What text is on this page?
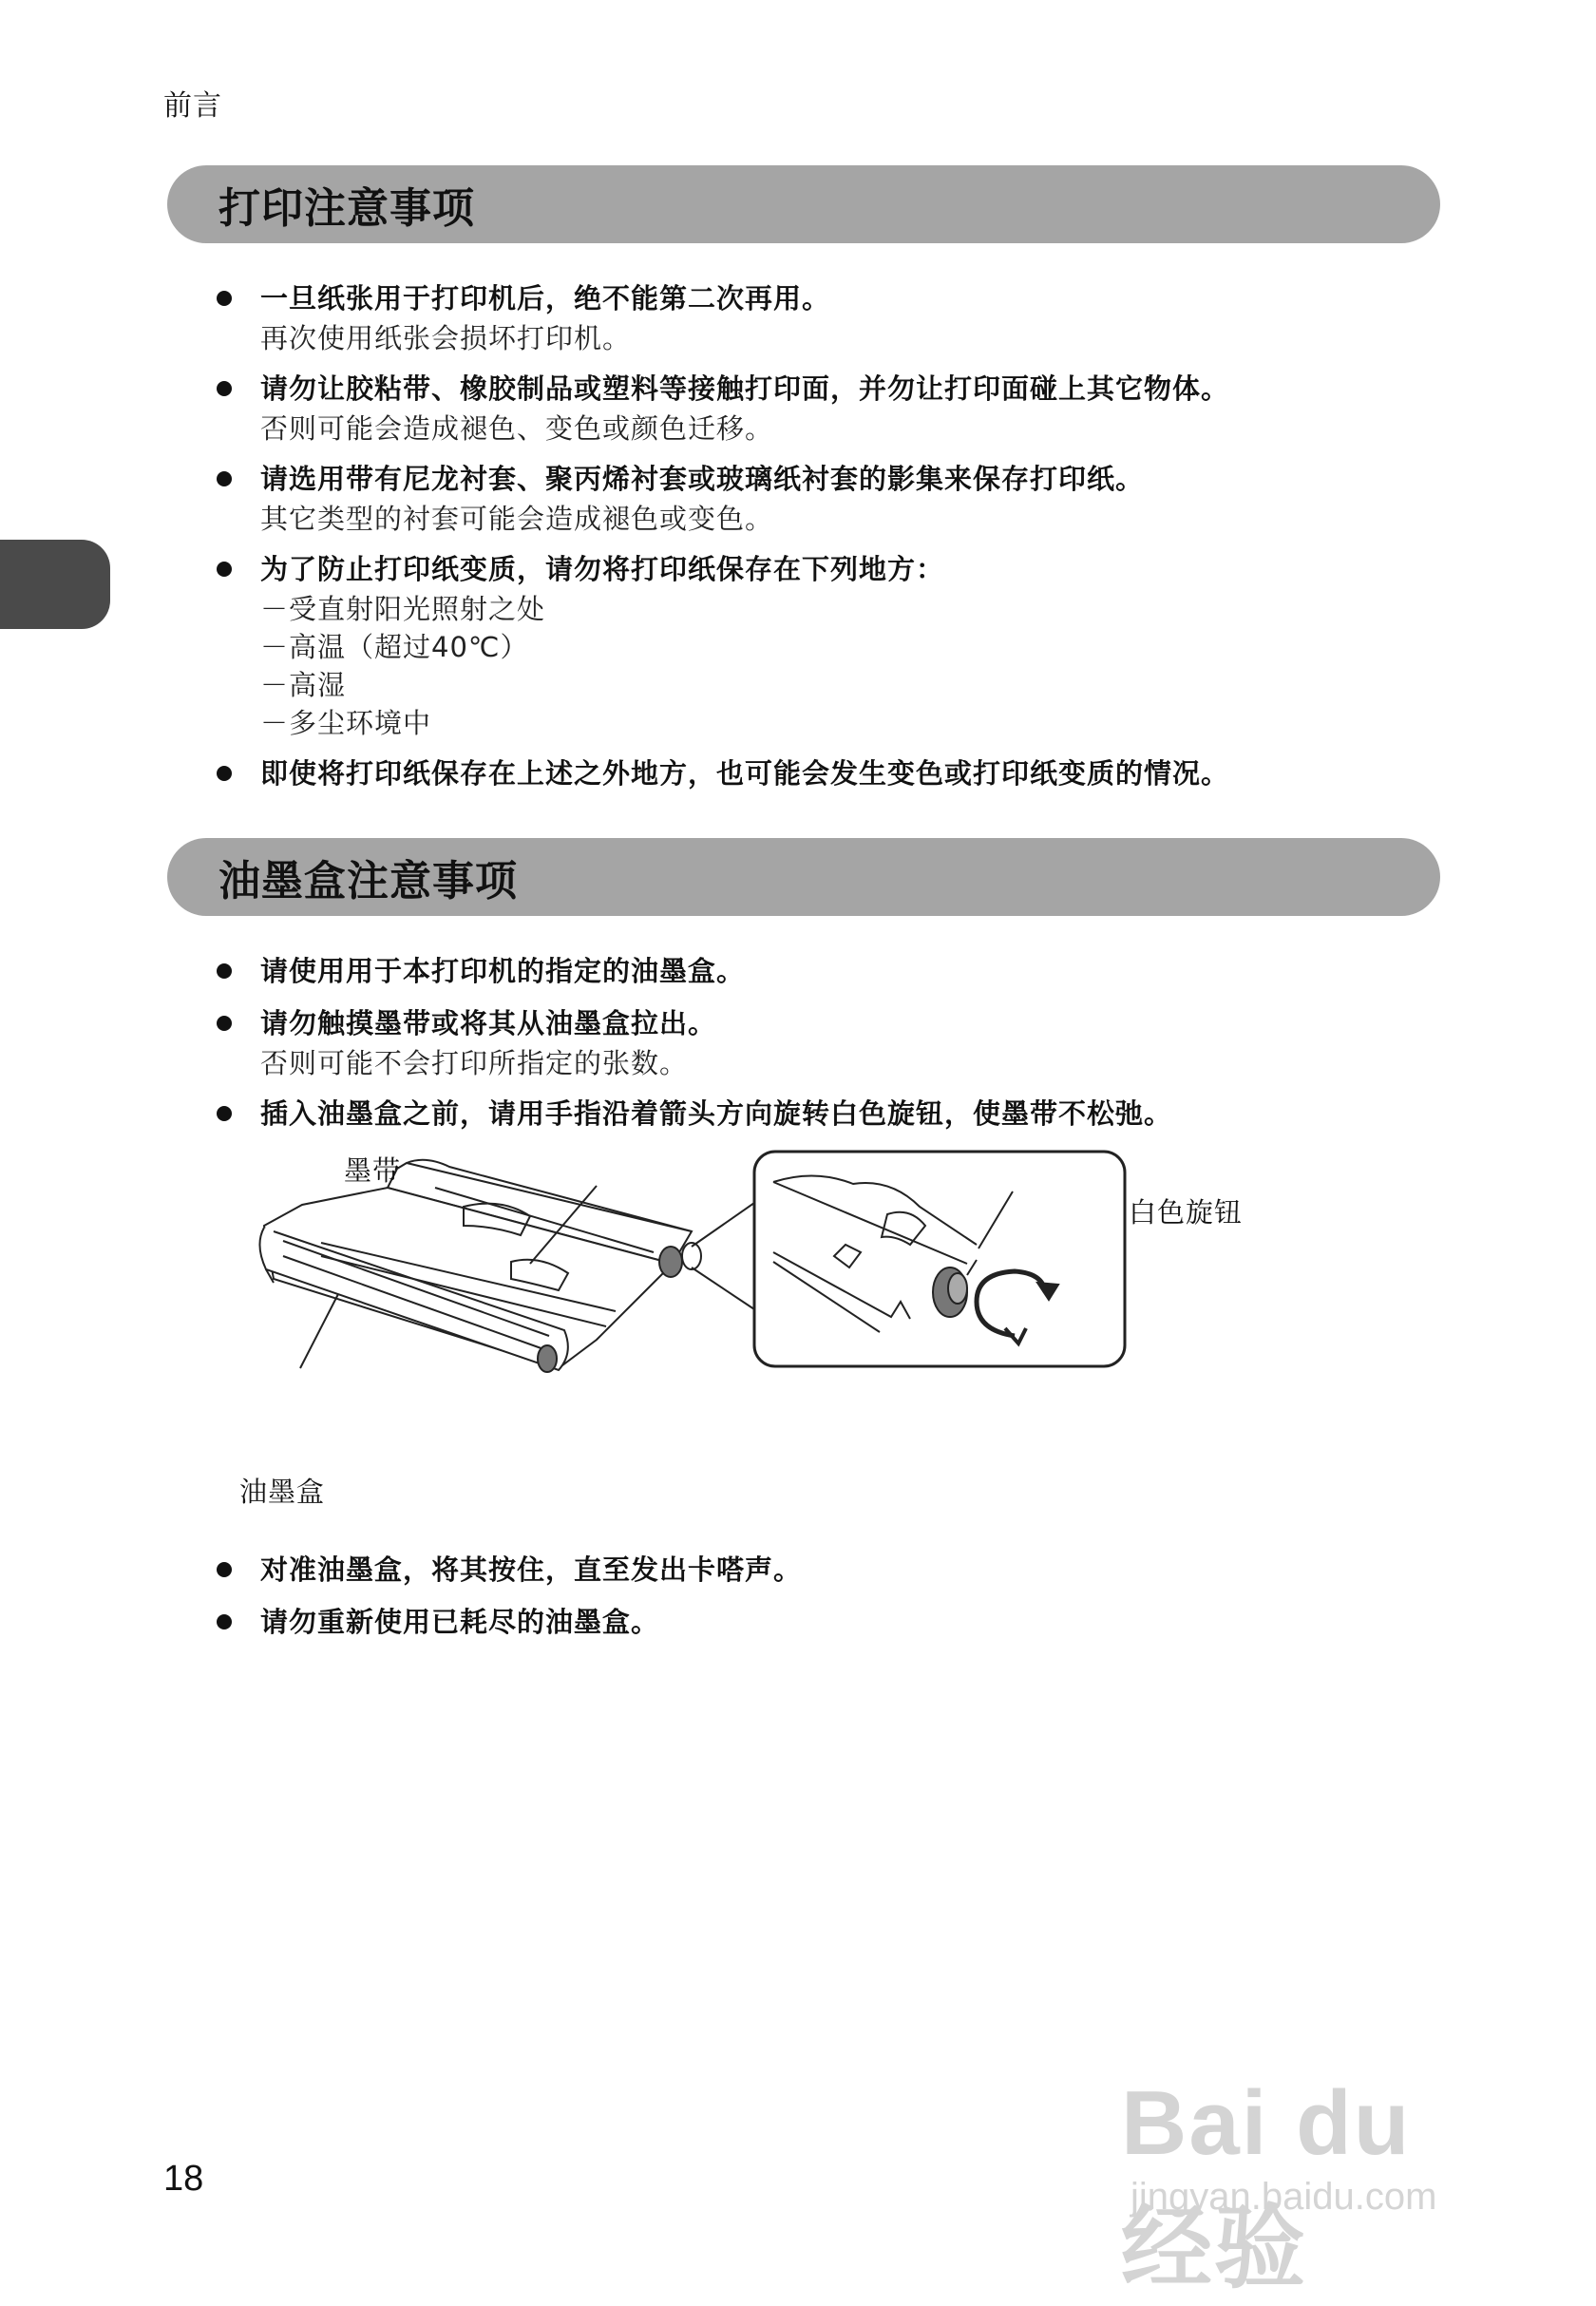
前言
打印注意事项
一旦纸张用于打印机后，绝不能第二次再用。
再次使用纸张会损坏打印机。
请勿让胶粘带、橡胶制品或塑料等接触打印面，并勿让打印面碰上其它物体。
否则可能会造成褪色、变色或颜色迁移。
请选用带有尼龙衬套、聚丙烯衬套或玻璃纸衬套的影集来保存打印纸。
其它类型的衬套可能会造成褪色或变色。
为了防止打印纸变质，请勿将打印纸保存在下列地方：
－受直射阳光照射之处
－高温（超过40℃）
－高湿
－多尘环境中
即使将打印纸保存在上述之外地方，也可能会发生变色或打印纸变质的情况。
油墨盒注意事项
请使用用于本打印机的指定的油墨盒。
请勿触摸墨带或将其从油墨盒拉出。
否则可能不会打印所指定的张数。
插入油墨盒之前，请用手指沿着箭头方向旋转白色旋钮，使墨带不松弛。
墨带
油墨盒
白色旋钮
对准油墨盒，将其按住，直至发出卡嗒声。
请勿重新使用已耗尽的油墨盒。
18
Bai du 经验
jingyan.baidu.com
